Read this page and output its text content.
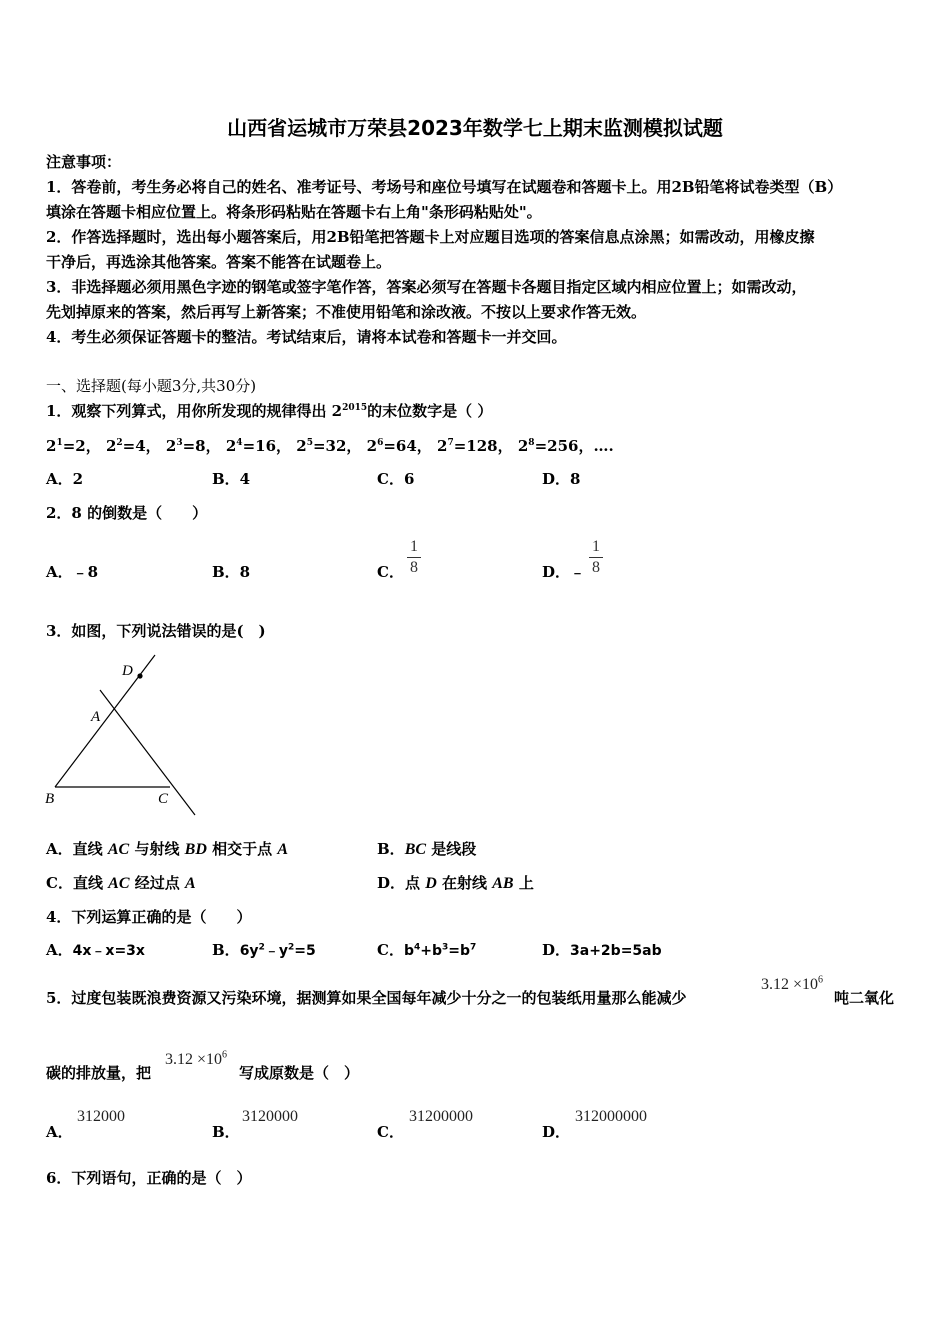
山西省运城市万荣县2023年数学七上期末监测模拟试题
注意事项：
1．答卷前，考生务必将自己的姓名、准考证号、考场号和座位号填写在试题卷和答题卡上。用2B铅笔将试卷类型（B）
填涂在答题卡相应位置上。将条形码粘贴在答题卡右上角"条形码粘贴处"。
2．作答选择题时，选出每小题答案后，用2B铅笔把答题卡上对应题目选项的答案信息点涂黑；如需改动，用橡皮擦
干净后，再选涂其他答案。答案不能答在试题卷上。
3．非选择题必须用黑色字迹的钢笔或签字笔作答，答案必须写在答题卡各题目指定区域内相应位置上；如需改动，
先划掉原来的答案，然后再写上新答案；不准使用铅笔和涂改液。不按以上要求作答无效。
4．考生必须保证答题卡的整洁。考试结束后，请将本试卷和答题卡一并交回。
一、选择题(每小题3分,共30分)
1．观察下列算式，用你所发现的规律得出 $2^{2015}$的末位数字是（ ）
$2^1=2$， $2^2=4$， $2^3=8$， $2^4=16$， $2^5=32$， $2^6=64$， $2^7=128$， $2^8=256$，….
A．2	B．4	C．6	D．8
2．8 的倒数是（　　）
A．﹣8	B．8	C．
1
8	D．﹣
1
8
3．如图，下列说法错误的是(　)
D
A
B	C
A．直线 AC 与射线 BD 相交于点 A	B．BC 是线段
C．直线 AC 经过点 A	D．点 D 在射线 AB 上
4．下列运算正确的是（　　）
A．4x﹣x=3x	B．$6y^2﹣y^2=5$	C．$b^4+b^3=b^7$	D．3a+2b=5ab
5．过度包装既浪费资源又污染环境，据测算如果全国每年减少十分之一的包装纸用量那么能减少
$3.12 \times 10^6$
吨二氧化
碳的排放量，把
$3.12 \times 10^6$
写成原数是（　）
A．
312000
B．
3120000
C．
31200000
D．
312000000
6．下列语句，正确的是（　）
